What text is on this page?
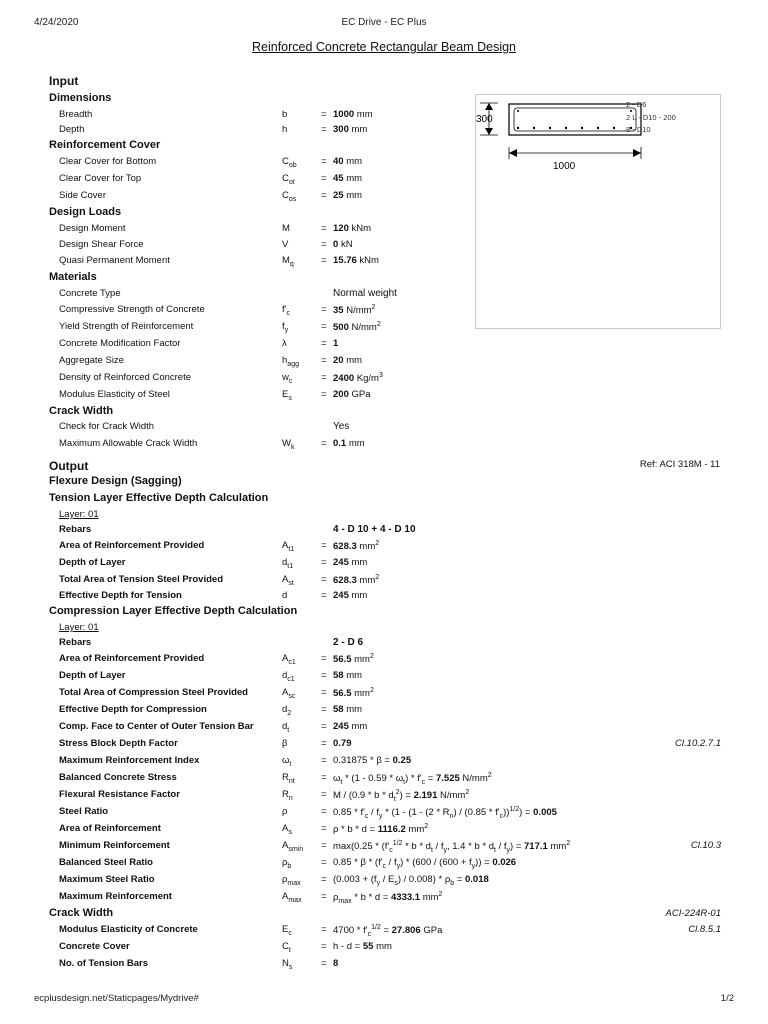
4/24/2020	EC Drive - EC Plus
Reinforced Concrete Rectangular Beam Design
Input
Dimensions
Breadth	b	= 1000 mm
Depth	h	= 300 mm
Reinforcement Cover
Clear Cover for Bottom	$C_{ob}$	= 40 mm
Clear Cover for Top	$C_{ot}$	= 45 mm
Side Cover	$C_{os}$	= 25 mm
Design Loads
Design Moment	M	= 120 kNm
Design Shear Force	V	= 0 kN
Quasi Permanent Moment	$M_q$	= 15.76 kNm
Materials
Concrete Type	Normal weight
Compressive Strength of Concrete	$f'_c$	= 35 $N/mm^2$
Yield Strength of Reinforcement	$f_y$	= 500 $N/mm^2$
Concrete Modification Factor	λ	= 1
Aggregate Size	$h_{agg} = 20$ mm
Density of Reinforced Concrete	$w_c$	= 2400 $Kg/m^3$
Modulus Elasticity of Steel	$E_s$	= 200 GPa
Crack Width
Check for Crack Width	Yes
Maximum Allowable Crack Width	$W_k$	= 0.1 mm
300
1000
2 - D6
2 L - D10 - 200
8 - D10
Output	Ref: ACI 318M - 11
Flexure Design (Sagging)
Tension Layer Effective Depth Calculation
Layer: 01
Rebars	4 - D 10 + 4 - D 10
Area of Reinforcement Provided	$A_{t1}$	= 628.3 $mm^2$
Depth of Layer	$d_{t1}$	= 245 mm
Total Area of Tension Steel Provided	$A_{st}$	= 628.3 $mm^2$
Effective Depth for Tension	d	= 245 mm
Compression Layer Effective Depth Calculation
Layer: 01
Rebars	2 - D 6
Area of Reinforcement Provided	$A_{c1}$	= 56.5 $mm^2$
Depth of Layer	$d_{c1}$	= 58 mm
Total Area of Compression Steel Provided	$A_{sc}$	= 56.5 $mm^2$
Effective Depth for Compression	$d_2$	= 58 mm
Comp. Face to Center of Outer Tension Bar	$d_t$	= 245 mm
Stress Block Depth Factor	β	= 0.79	Cl.10.2.7.1
Maximum Reinforcement Index	$\omega_t$	= 0.31875 * β = 0.25
Balanced Concrete Stress	$R_{nt}$	= $\omega_t * (1 - 0.59 * \omega_t) * f'_c = 7.525$ $N/mm^2$
Flexural Resistance Factor	$R_n$	= $M / (0.9 * b * d_t^2) = 2.191$ $N/mm^2$
Steel Ratio	ρ	= $0.85 * f'_c / f_y * (1 - (1 - (2 * R_n) / (0.85 * f'_c))^{1/2}) = 0.005$
Area of Reinforcement	$A_s$	= ρ * b * d = 1116.2 $mm^2$
Minimum Reinforcement	$A_{smin} = \max(0.25 * (f'_c^{1/2} * b * d_t / f_y$, $1.4 * b * d_t / f_y) = 717.1$ $mm^2$	Cl.10.3
Balanced Steel Ratio	$\rho_b$	= $0.85 * \beta * (f'_c / f_y) * (600 / (600 + f_y)) = 0.026$
Maximum Steel Ratio	$\rho_{max} = (0.003 + (f_y / E_s) / 0.008) * \rho_b = 0.018$
Maximum Reinforcement	$A_{max} = \rho_{max} * b * d = 4333.1$ $mm^2$
Crack Width	ACI-224R-01
Modulus Elasticity of Concrete	$E_c$	= $4700 * f'_c^{1/2} = 27.806$ GPa	Cl.8.5.1
Concrete Cover	$C_t$	= h - d = 55 mm
No. of Tension Bars	$N_s$	= 8
ecplusdesign.net/Staticpages/Mydrive#	1/2
